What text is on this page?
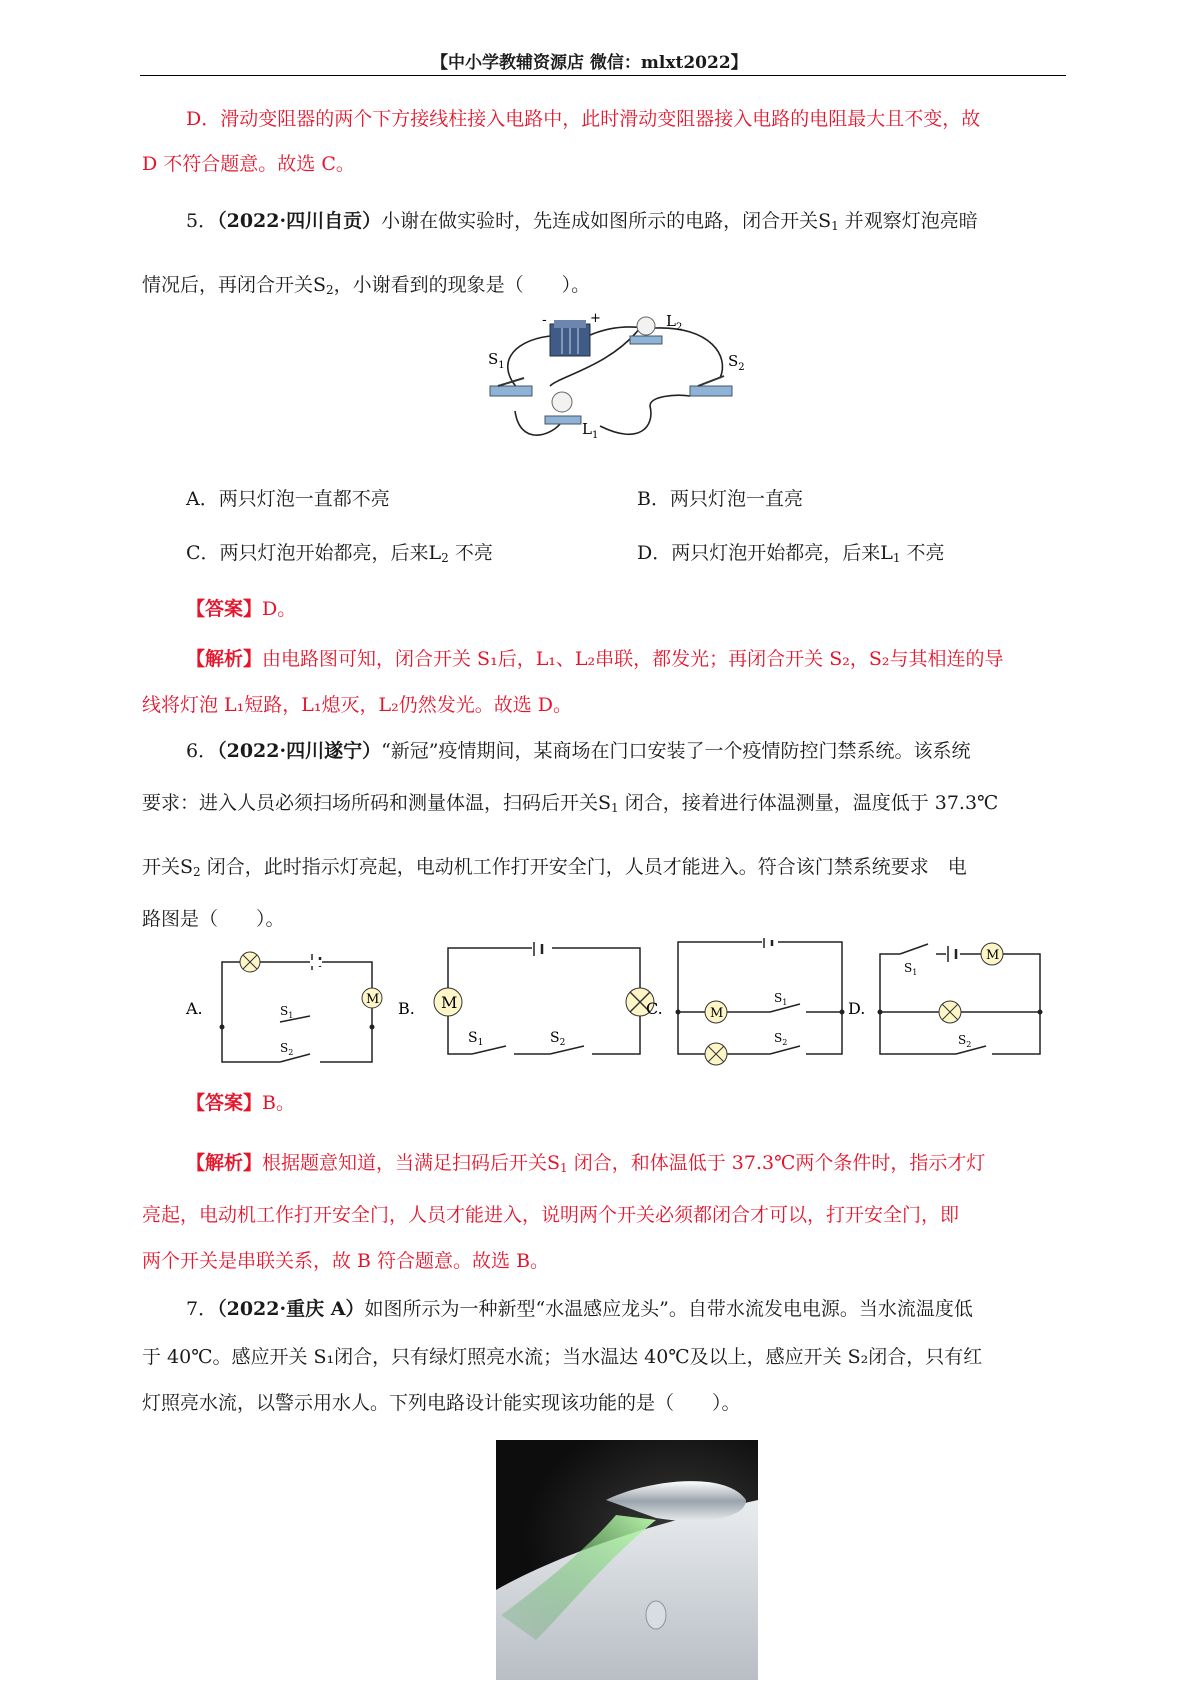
【中小学教辅资源店 微信：mlxt2022】
D．滑动变阻器的两个下方接线柱接入电路中，此时滑动变阻器接入电路的电阻最大且不变，故
D 不符合题意。故选 C。
5．（2022·四川自贡）小谢在做实验时，先连成如图所示的电路，闭合开关$S_1$ 并观察灯泡亮暗
情况后，再闭合开关$S_2$，小谢看到的现象是（　　）。
-	+	$L_2$
$L_1$
$S_1$	$S_2$
A．两只灯泡一直都不亮	B．两只灯泡一直亮
C．两只灯泡开始都亮，后来$L_2$ 不亮	D．两只灯泡开始都亮，后来$L_1$ 不亮
【答案】D。
【解析】由电路图可知，闭合开关 S₁后，L₁、L₂串联，都发光；再闭合开关 S₂，S₂与其相连的导
线将灯泡 L₁短路，L₁熄灭，L₂仍然发光。故选 D。
6．（2022·四川遂宁）“新冠”疫情期间，某商场在门口安装了一个疫情防控门禁系统。该系统
要求：进入人员必须扫场所码和测量体温，扫码后开关$S_1$ 闭合，接着进行体温测量，温度低于 37.3℃
开关$S_2$ 闭合，此时指示灯亮起，电动机工作打开安全门，人员才能进入。符合该门禁系统要求　电
路图是（　　）。
A.	M
$S_1$
$S_2$
B. M
$S_1$	$S_2$
C.	M
$S_1$
$S_2$
D.
$S_1$
M
$S_2$
【答案】B。
【解析】根据题意知道，当满足扫码后开关$S_1$ 闭合，和体温低于 37.3℃两个条件时，指示才灯
亮起，电动机工作打开安全门，人员才能进入，说明两个开关必须都闭合才可以，打开安全门，即
两个开关是串联关系，故 B 符合题意。故选 B。
7．（2022·重庆 A）如图所示为一种新型“水温感应龙头”。自带水流发电电源。当水流温度低
于 40℃。感应开关 S₁闭合，只有绿灯照亮水流；当水温达 40℃及以上，感应开关 S₂闭合，只有红
灯照亮水流，以警示用水人。下列电路设计能实现该功能的是（　　）。
